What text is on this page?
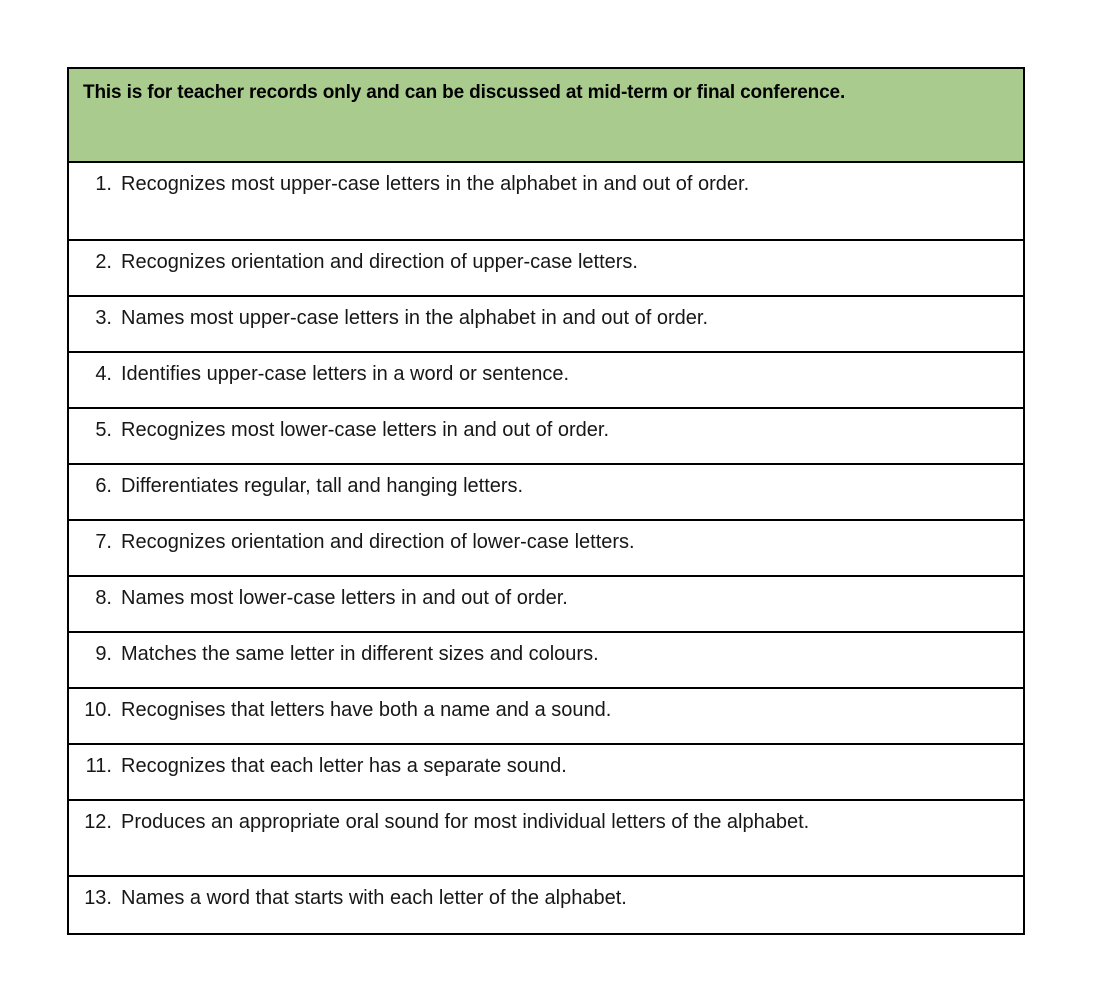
This is for teacher records only and can be discussed at mid-term or final conference.

1. Recognizes most upper-case letters in the alphabet in and out of order.

2. Recognizes orientation and direction of upper-case letters.

3. Names most upper-case letters in the alphabet in and out of order.

4. Identifies upper-case letters in a word or sentence.

5. Recognizes most lower-case letters in and out of order.

6. Differentiates regular, tall and hanging letters.

7. Recognizes orientation and direction of lower-case letters.

8. Names most lower-case letters in and out of order.

9. Matches the same letter in different sizes and colours.

10. Recognises that letters have both a name and a sound.

11. Recognizes that each letter has a separate sound.

12. Produces an appropriate oral sound for most individual letters of the alphabet.

13. Names a word that starts with each letter of the alphabet.
